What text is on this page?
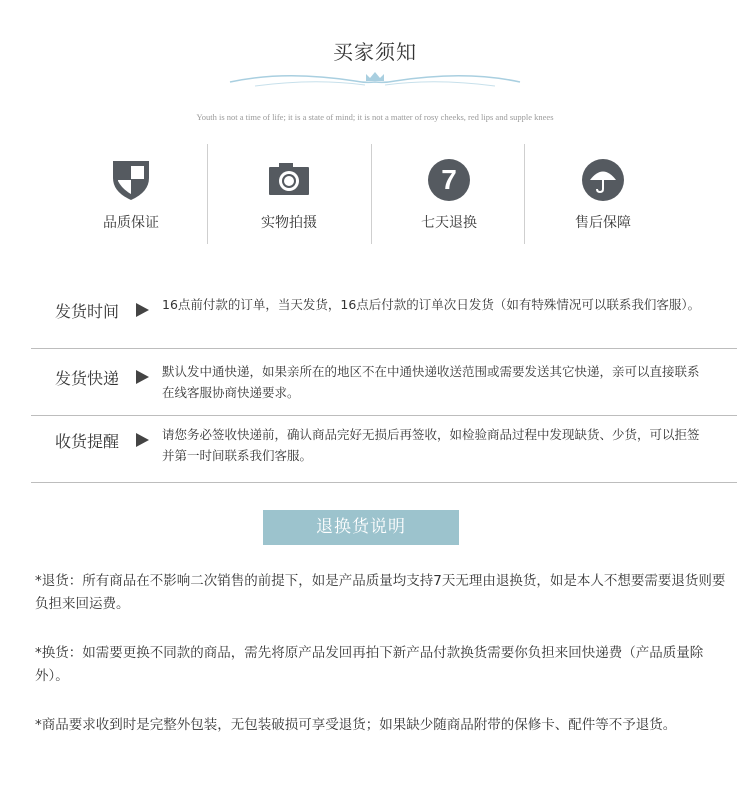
买家须知
Youth is not a time of life; it is a state of mind; it is not a matter of rosy cheeks, red lips and supple knees
品质保证	实物拍摄
7
七天退换	售后保障
发货时间	16点前付款的订单，当天发货，16点后付款的订单次日发货（如有特殊情况可以联系我们客服）。
发货快递	默认发中通快递，如果亲所在的地区不在中通快递收送范围或需要发送其它快递，亲可以直接联系在线客服协商快递要求。
收货提醒	请您务必签收快递前，确认商品完好无损后再签收，如检验商品过程中发现缺货、少货，可以拒签并第一时间联系我们客服。
退换货说明
*退货：所有商品在不影响二次销售的前提下，如是产品质量均支持7天无理由退换货，如是本人不想要需要退货则要负担来回运费。
*换货：如需要更换不同款的商品，需先将原产品发回再拍下新产品付款换货需要你负担来回快递费（产品质量除外）。
*商品要求收到时是完整外包装，无包装破损可享受退货；如果缺少随商品附带的保修卡、配件等不予退货。
